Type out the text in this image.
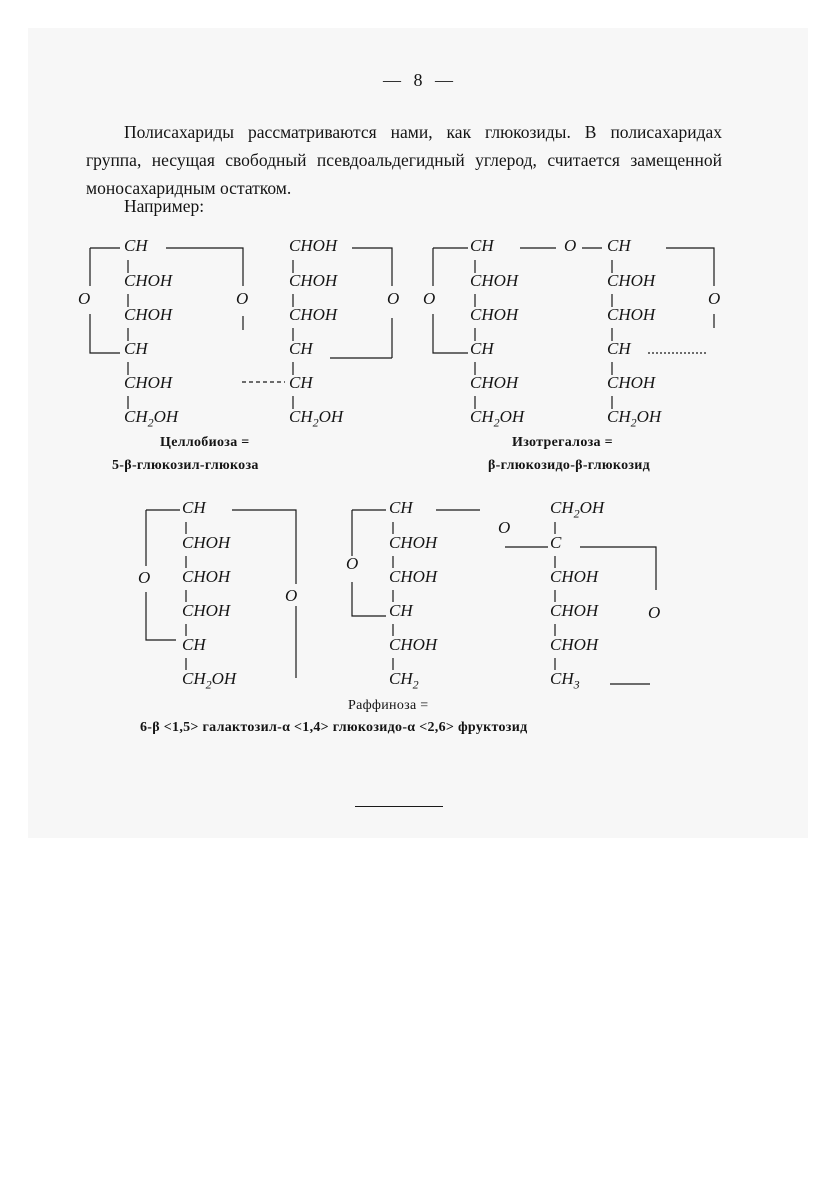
— 8 —
Полисахариды рассматриваются нами, как глюкозиды. В полисахаридах группа, несущая свободный псевдоальдегидный углерод, считается замещенной моносахаридным остатком.
Например:
CH
CHOH
CHOH
CH
CHOH
$CH_2OH$
O	O
CHOH
CHOH
CHOH
CH
CH
$CH_2OH$
O
Целлобиоза =
5-β-глюкозил-глюкоза
CH
CHOH
CHOH
CH
CHOH
$CH_2OH$
O
O CH
CHOH
CHOH
CH
CHOH
$CH_2OH$
O
Изотрегалоза =
β-глюкозидо-β-глюкозид
CH
CHOH
CHOH
CHOH
CH
$CH_2OH$
O
O
CH
CHOH
CHOH
CH
CHOH
$CH_2$
O
O
$CH_2OH$
C
CHOH
CHOH
CHOH
$CH_3$
O
Раффиноза =
6-β <1,5> галактозил-α <1,4> глюкозидо-α <2,6> фруктозид
